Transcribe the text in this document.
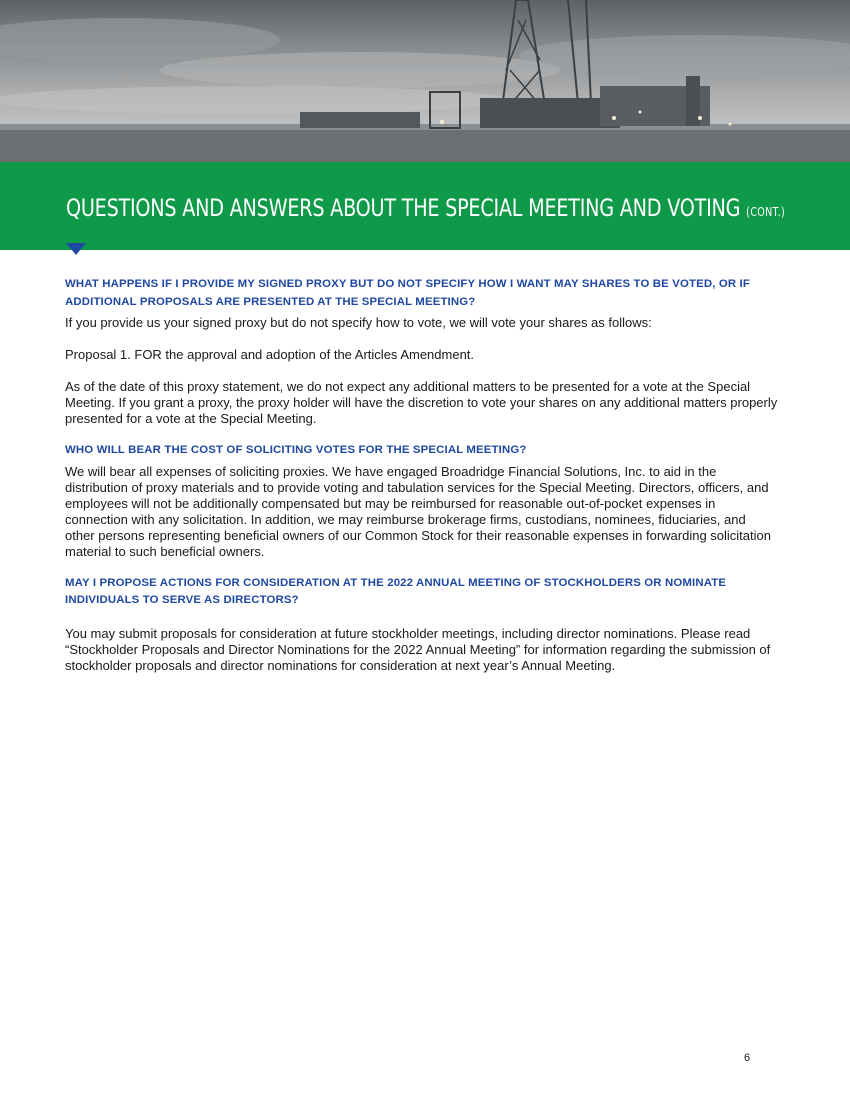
QUESTIONS AND ANSWERS ABOUT THE SPECIAL MEETING AND VOTING (CONT.)

WHAT HAPPENS IF I PROVIDE MY SIGNED PROXY BUT DO NOT SPECIFY HOW I WANT MAY SHARES TO BE VOTED, OR IF ADDITIONAL PROPOSALS ARE PRESENTED AT THE SPECIAL MEETING?

If you provide us your signed proxy but do not specify how to vote, we will vote your shares as follows:

Proposal 1. FOR the approval and adoption of the Articles Amendment.

As of the date of this proxy statement, we do not expect any additional matters to be presented for a vote at the Special Meeting. If you grant a proxy, the proxy holder will have the discretion to vote your shares on any additional matters properly presented for a vote at the Special Meeting.

WHO WILL BEAR THE COST OF SOLICITING VOTES FOR THE SPECIAL MEETING?

We will bear all expenses of soliciting proxies. We have engaged Broadridge Financial Solutions, Inc. to aid in the distribution of proxy materials and to provide voting and tabulation services for the Special Meeting. Directors, officers, and employees will not be additionally compensated but may be reimbursed for reasonable out-of-pocket expenses in connection with any solicitation. In addition, we may reimburse brokerage firms, custodians, nominees, fiduciaries, and other persons representing beneficial owners of our Common Stock for their reasonable expenses in forwarding solicitation material to such beneficial owners.

MAY I PROPOSE ACTIONS FOR CONSIDERATION AT THE 2022 ANNUAL MEETING OF STOCKHOLDERS OR NOMINATE INDIVIDUALS TO SERVE AS DIRECTORS?

You may submit proposals for consideration at future stockholder meetings, including director nominations. Please read “Stockholder Proposals and Director Nominations for the 2022 Annual Meeting” for information regarding the submission of stockholder proposals and director nominations for consideration at next year’s Annual Meeting.

6
